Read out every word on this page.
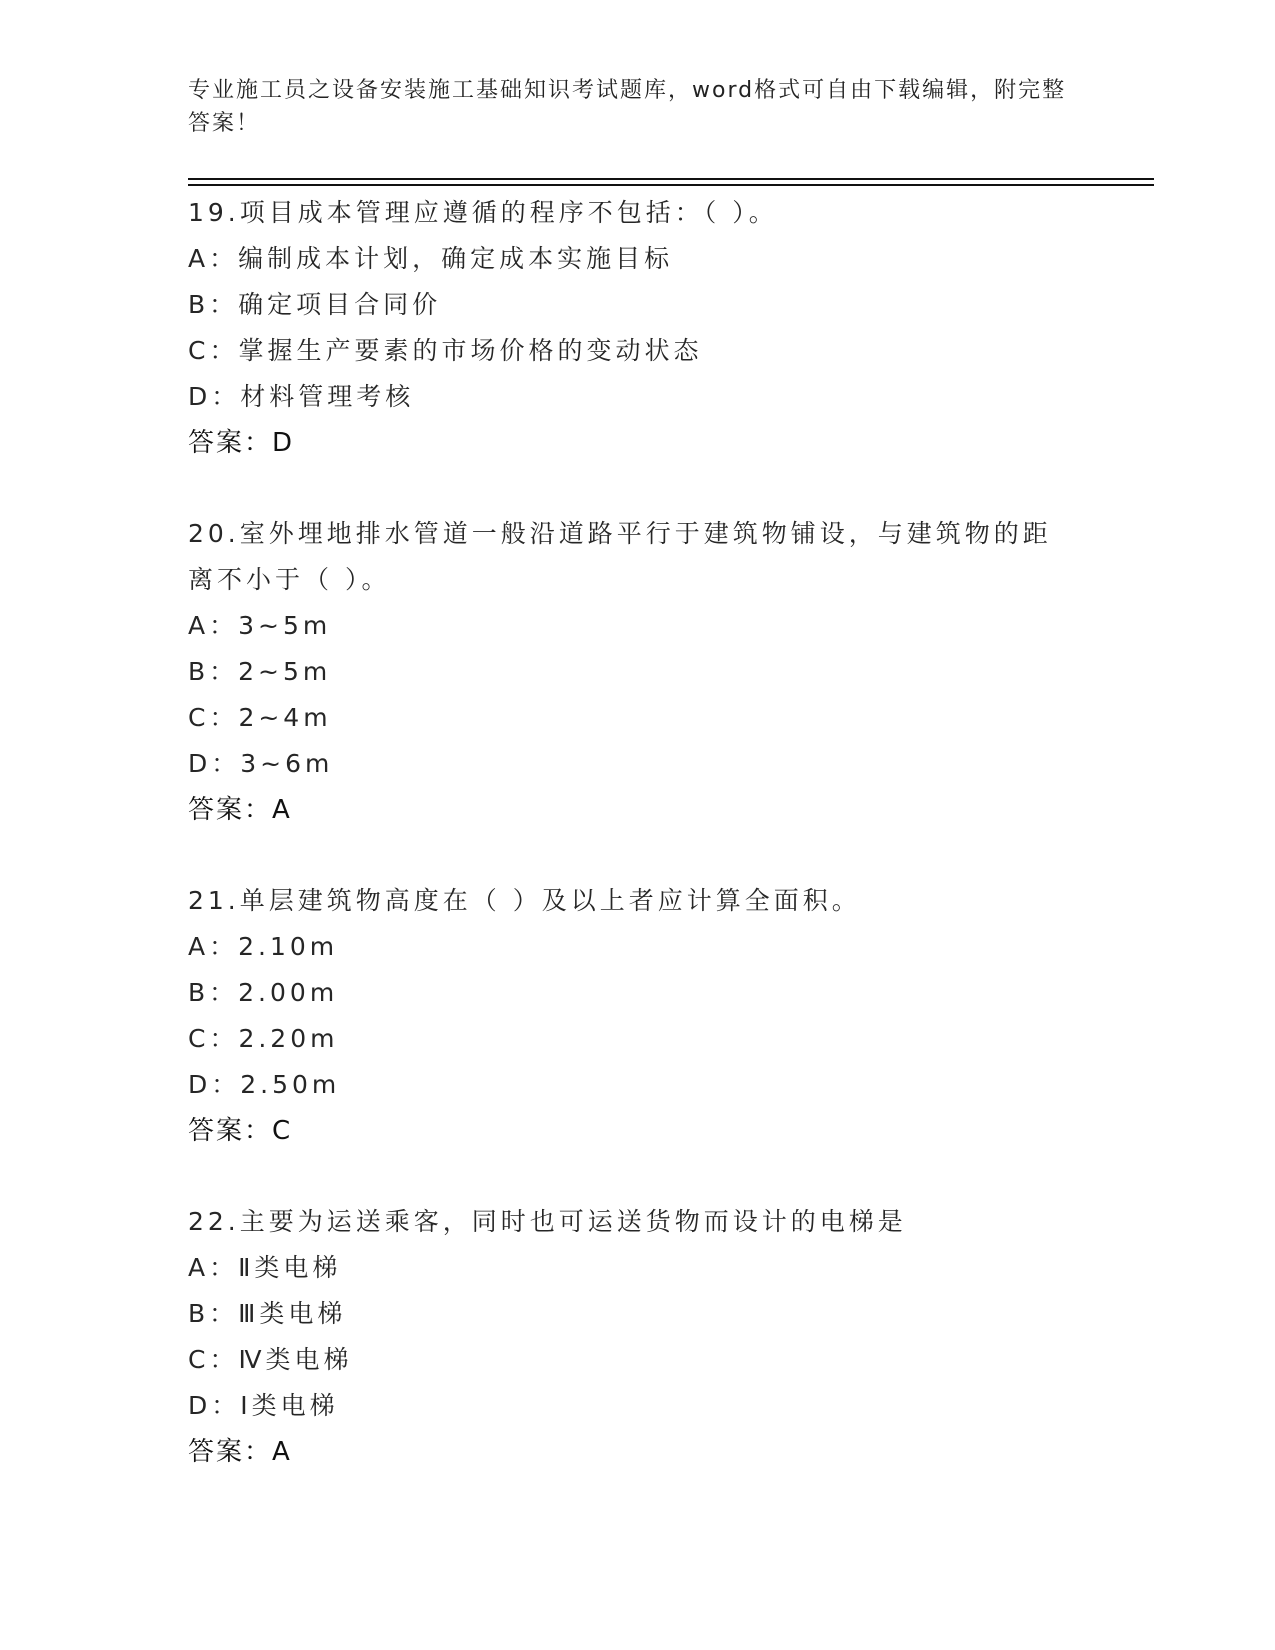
专业施工员之设备安装施工基础知识考试题库，word格式可自由下载编辑，附完整答案！
19.项目成本管理应遵循的程序不包括：（ ）。
A：编制成本计划，确定成本实施目标
B：确定项目合同价
C：掌握生产要素的市场价格的变动状态
D：材料管理考核
答案：D
20.室外埋地排水管道一般沿道路平行于建筑物铺设，与建筑物的距离不小于（ ）。
A：3~5m
B：2~5m
C：2~4m
D：3~6m
答案：A
21.单层建筑物高度在（ ）及以上者应计算全面积。
A：2.10m
B：2.00m
C：2.20m
D：2.50m
答案：C
22.主要为运送乘客，同时也可运送货物而设计的电梯是
A：Ⅱ类电梯
B：Ⅲ类电梯
C：Ⅳ类电梯
D：Ⅰ类电梯
答案：A
